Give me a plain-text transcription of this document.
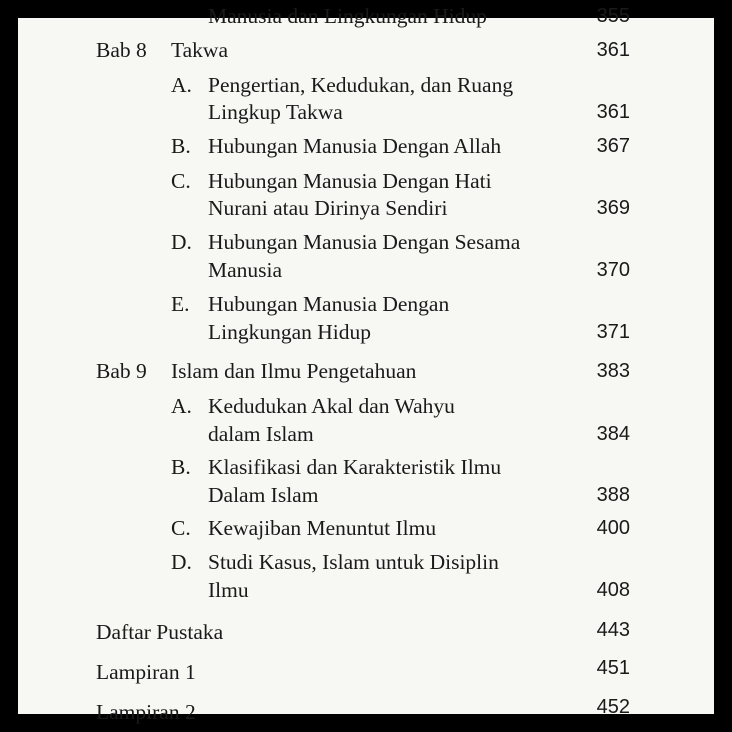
Manusia dan Lingkungan Hidup	355
Bab 8 Takwa	361
A. Pengertian, Kedudukan, dan Ruang
Lingkup Takwa	361
B. Hubungan Manusia Dengan Allah	367
C. Hubungan Manusia Dengan Hati
Nurani atau Dirinya Sendiri	369
D. Hubungan Manusia Dengan Sesama
Manusia	370
E. Hubungan Manusia Dengan
Lingkungan Hidup	371
Bab 9 Islam dan Ilmu Pengetahuan	383
A. Kedudukan Akal dan Wahyu
dalam Islam	384
B. Klasifikasi dan Karakteristik Ilmu
Dalam Islam	388
C. Kewajiban Menuntut Ilmu	400
D. Studi Kasus, Islam untuk Disiplin
Ilmu	408
Daftar Pustaka	443
Lampiran 1	451
Lampiran 2	452
